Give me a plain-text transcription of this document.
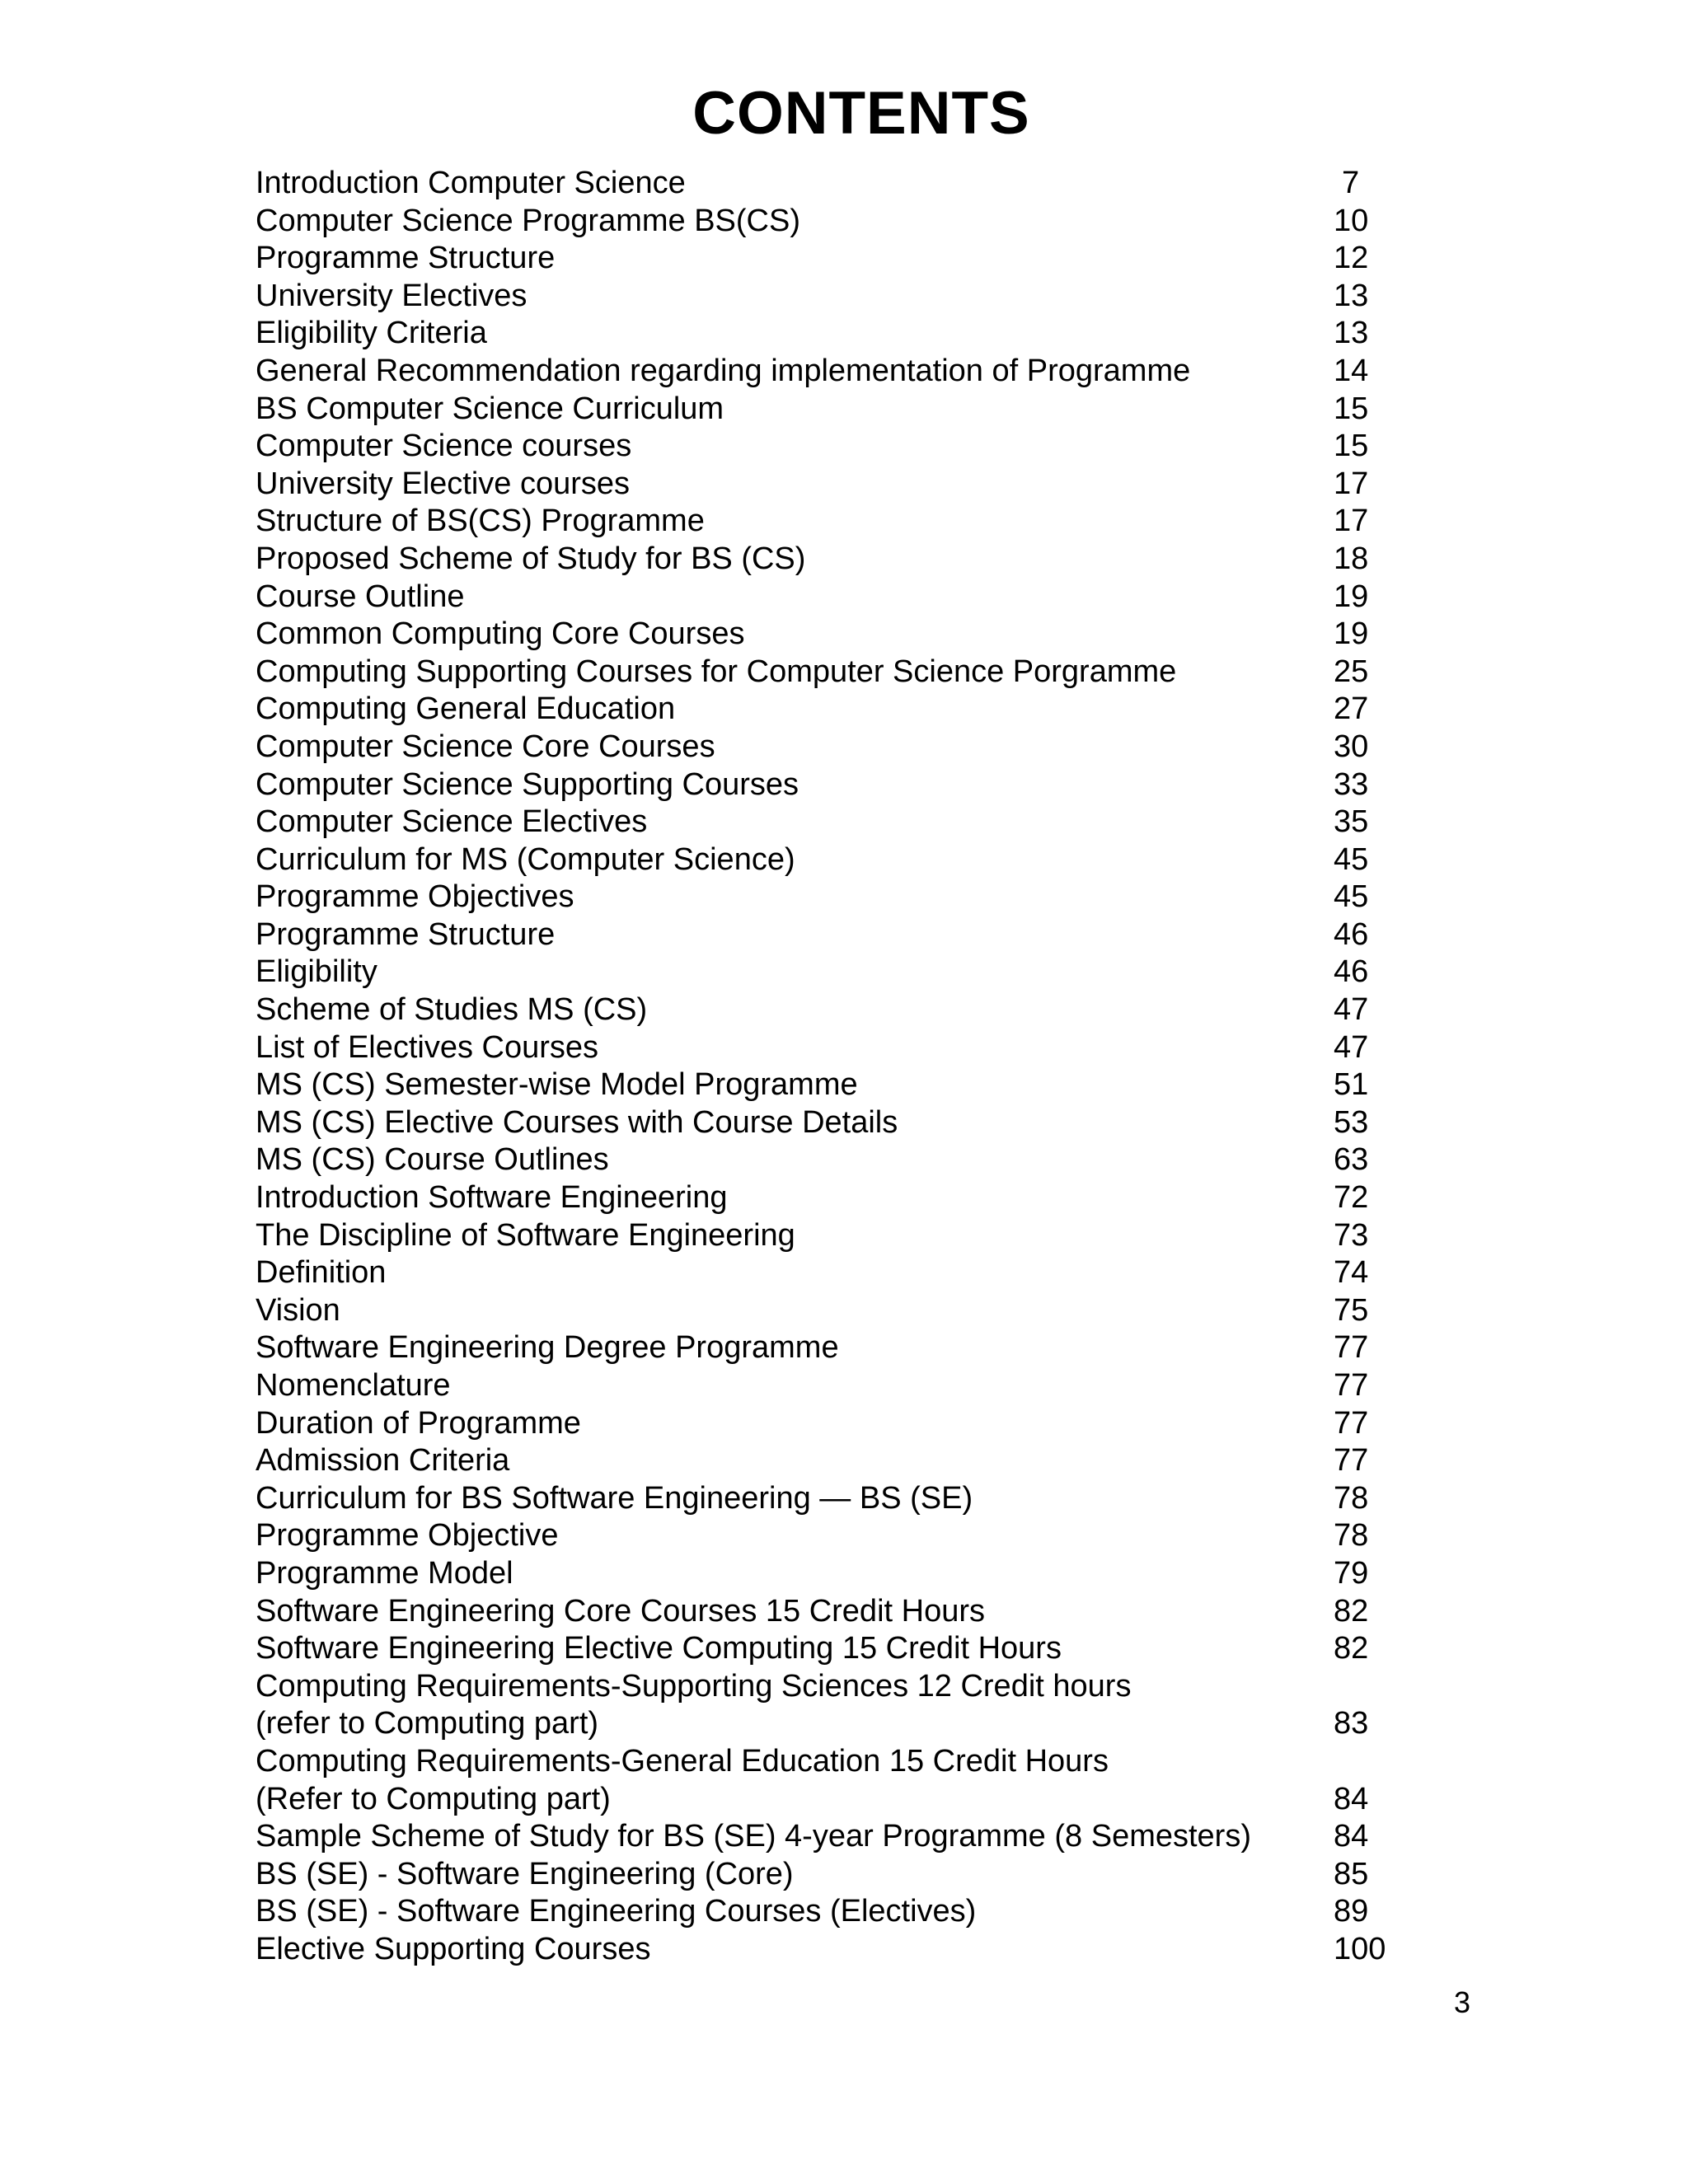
CONTENTS
Introduction Computer Science	7
Computer Science Programme BS(CS)	10
Programme Structure	12
University Electives	13
Eligibility Criteria	13
General Recommendation regarding implementation of Programme	14
BS Computer Science Curriculum	15
Computer Science courses	15
University Elective courses	17
Structure of BS(CS) Programme	17
Proposed Scheme of Study for BS (CS)	18
Course Outline	19
Common Computing Core Courses	19
Computing Supporting Courses for Computer Science Porgramme	25
Computing General Education	27
Computer Science Core Courses	30
Computer Science Supporting Courses	33
Computer Science Electives	35
Curriculum for MS (Computer Science)	45
Programme Objectives	45
Programme Structure	46
Eligibility	46
Scheme of Studies MS (CS)	47
List of Electives Courses	47
MS (CS) Semester-wise Model Programme	51
MS (CS) Elective Courses with Course Details	53
MS (CS) Course Outlines	63
Introduction Software Engineering	72
The Discipline of Software Engineering	73
Definition	74
Vision	75
Software Engineering Degree Programme	77
Nomenclature	77
Duration of Programme	77
Admission Criteria	77
Curriculum for BS Software Engineering — BS (SE)	78
Programme Objective	78
Programme Model	79
Software Engineering Core Courses 15 Credit Hours	82
Software Engineering Elective Computing 15 Credit Hours	82
Computing Requirements-Supporting Sciences 12 Credit hours
(refer to Computing part)	83
Computing Requirements-General Education 15 Credit Hours
(Refer to Computing part)	84
Sample Scheme of Study for BS (SE) 4-year Programme (8 Semesters)	84
BS (SE) - Software Engineering (Core)	85
BS (SE) - Software Engineering Courses (Electives)	89
Elective Supporting Courses	100
3
